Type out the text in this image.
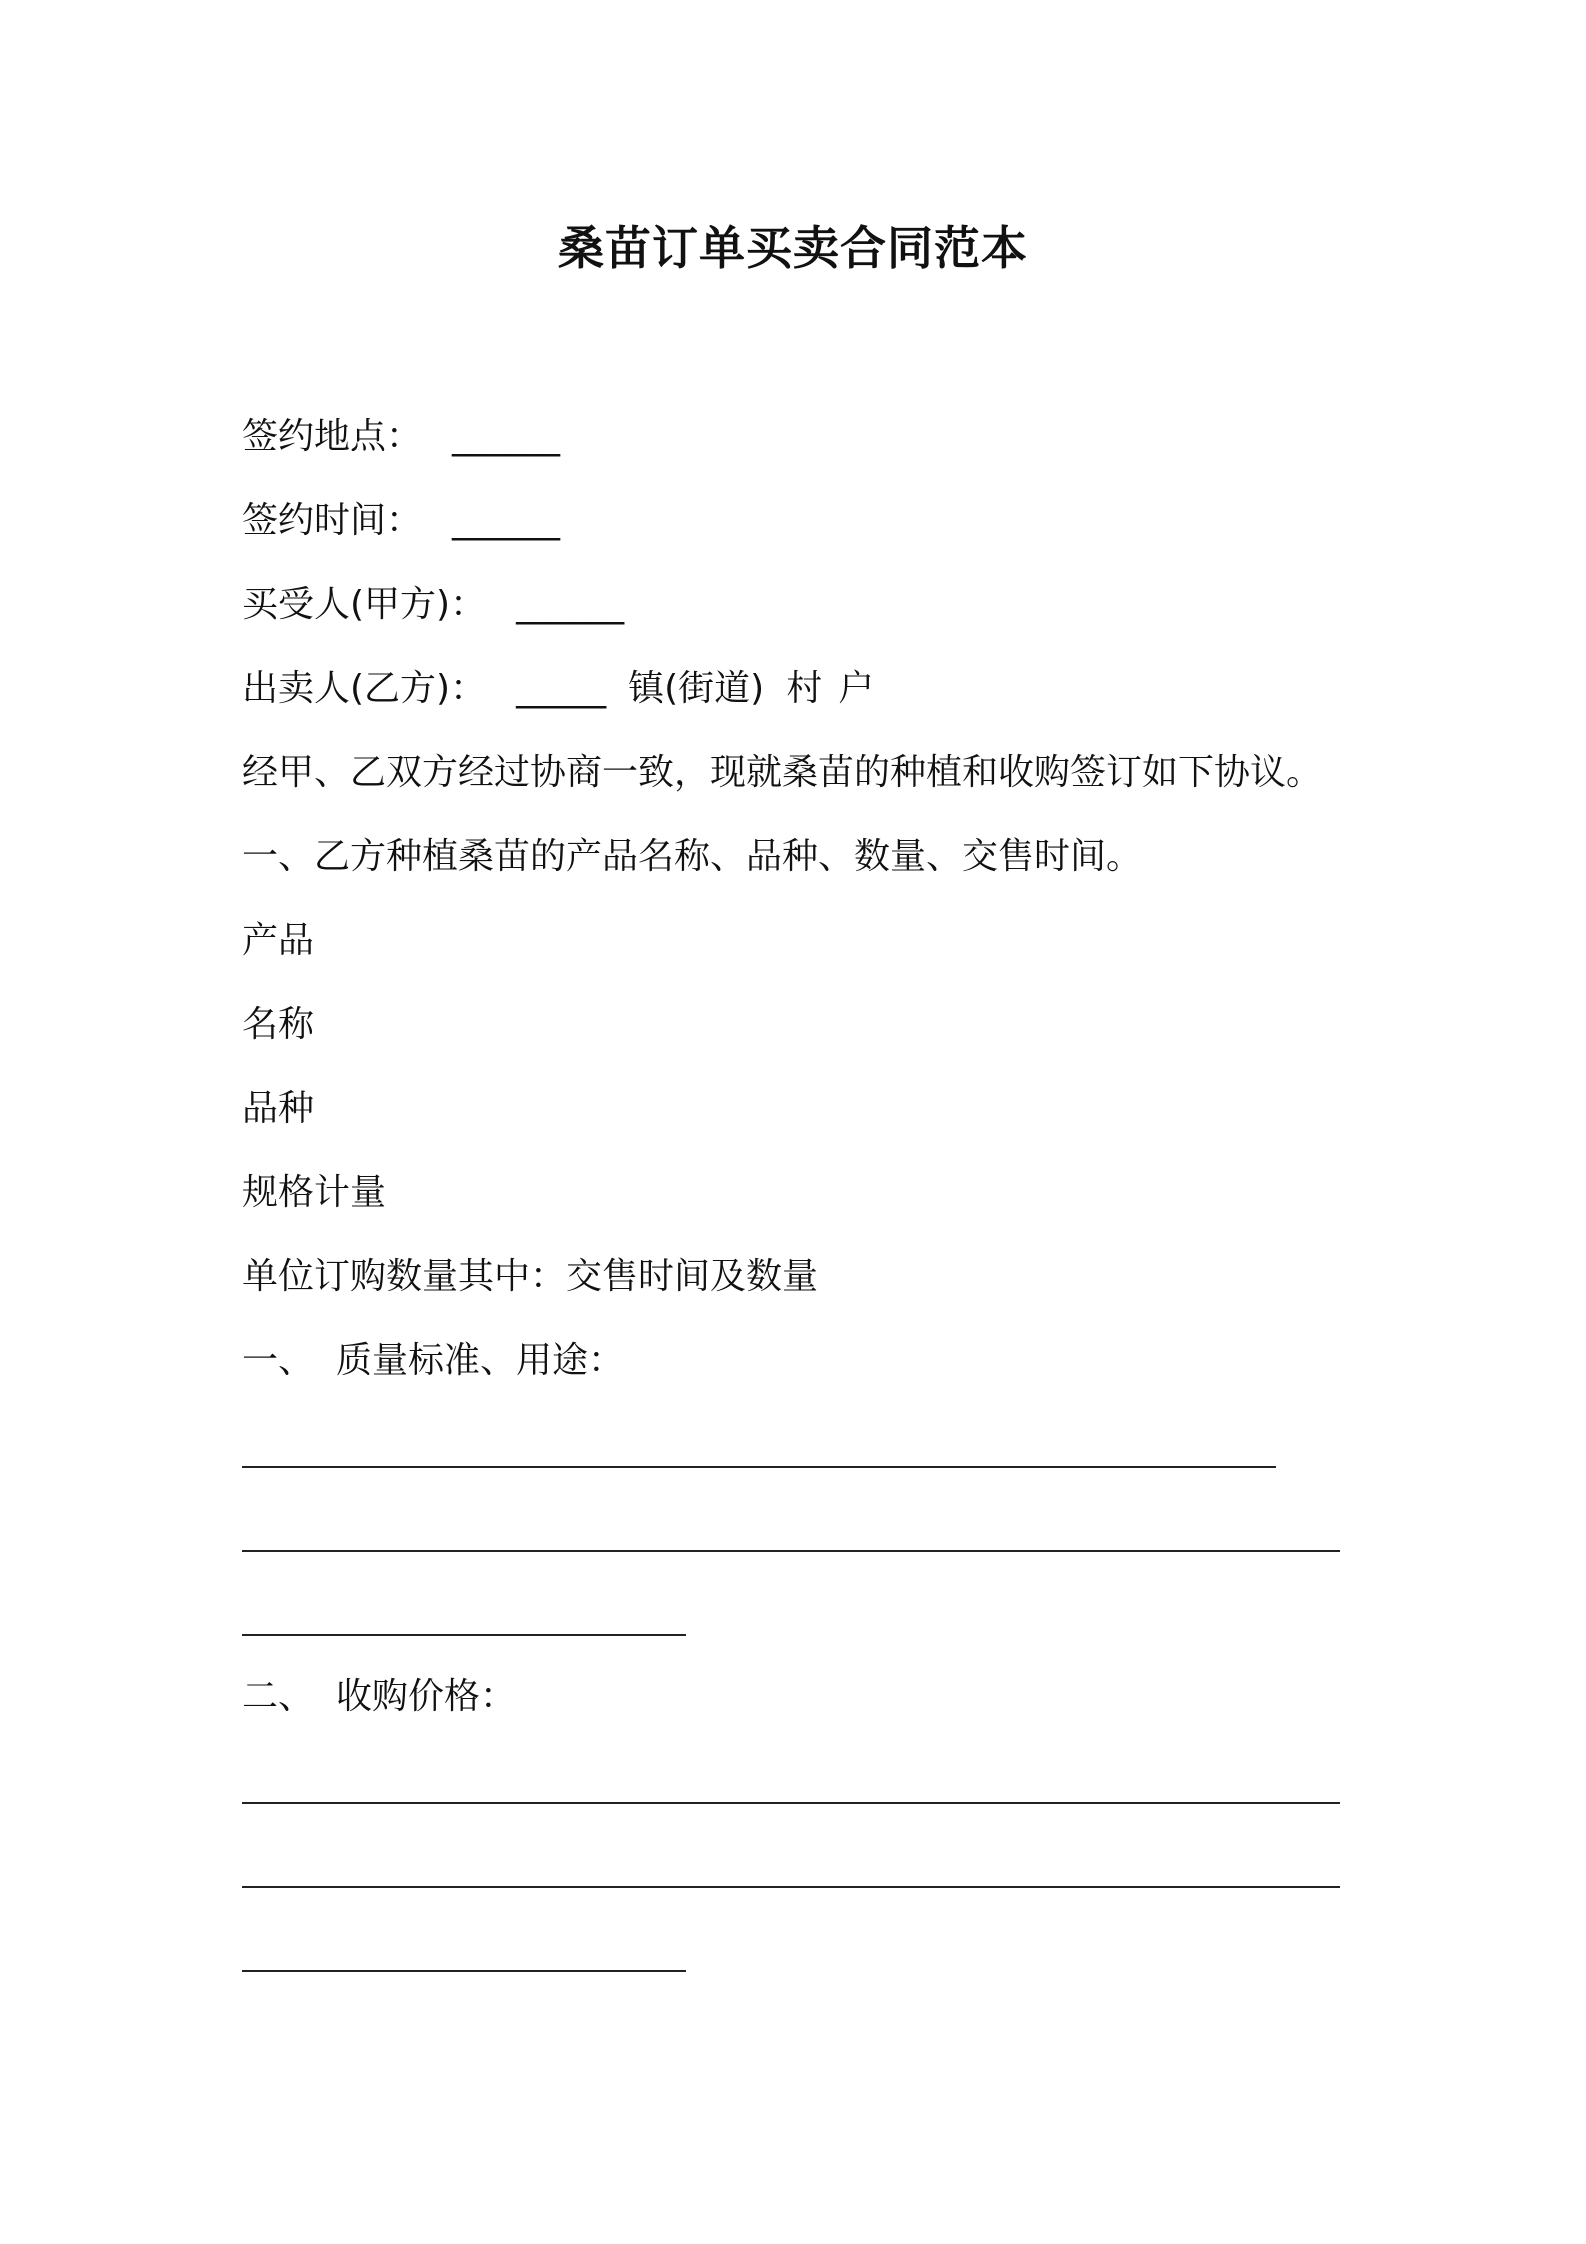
桑苗订单买卖合同范本
签约地点： ______
签约时间： ______
买受人(甲方)： ______
出卖人(乙方)： _____ 镇(街道) 村 户
经甲、乙双方经过协商一致，现就桑苗的种植和收购签订如下协议。
一、乙方种植桑苗的产品名称、品种、数量、交售时间。
产品
名称
品种
规格计量
单位订购数量其中：交售时间及数量
一、 质量标准、用途：
二、 收购价格：
